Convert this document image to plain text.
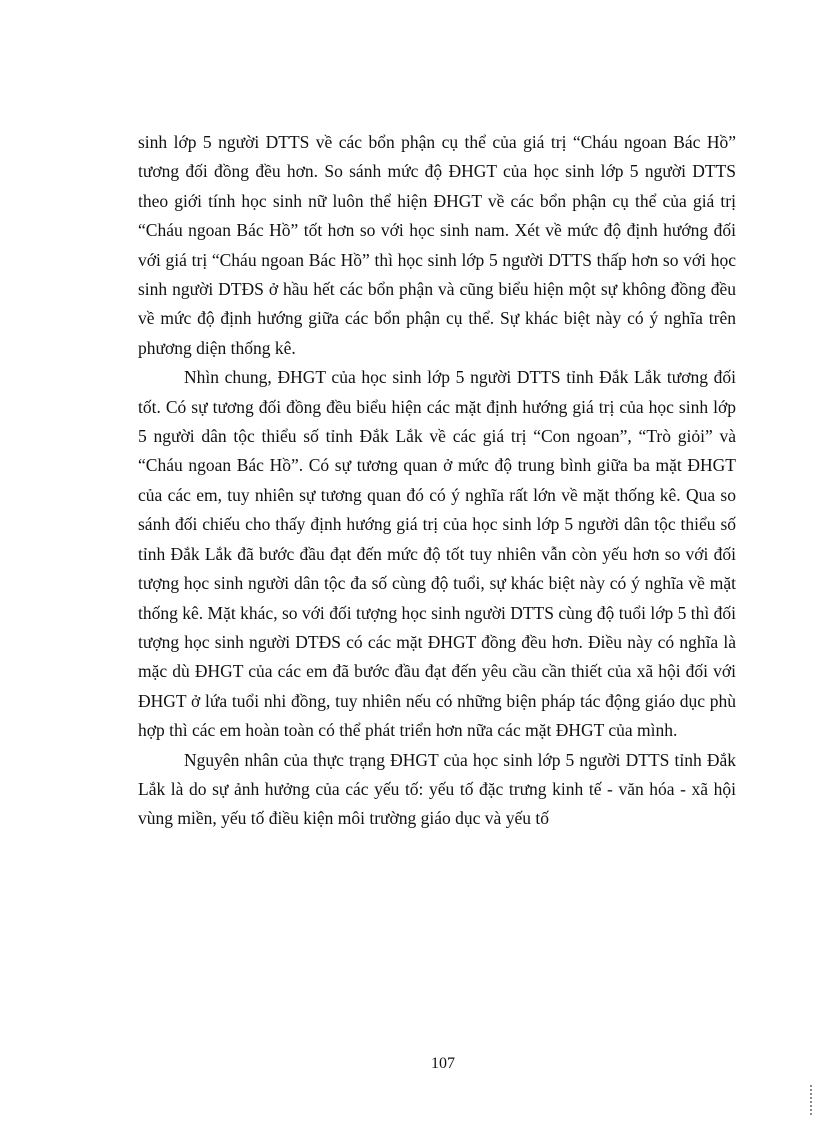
sinh lớp 5 người DTTS về các bổn phận cụ thể của giá trị “Cháu ngoan Bác Hồ” tương đối đồng đều hơn. So sánh mức độ ĐHGT của học sinh lớp 5 người DTTS theo giới tính học sinh nữ luôn thể hiện ĐHGT về các bổn phận cụ thể của giá trị “Cháu ngoan Bác Hồ” tốt hơn so với học sinh nam. Xét về mức độ định hướng đối với giá trị “Cháu ngoan Bác Hồ” thì học sinh lớp 5 người DTTS thấp hơn so với học sinh người DTĐS ở hầu hết các bổn phận và cũng biểu hiện một sự không đồng đều về mức độ định hướng giữa các bổn phận cụ thể. Sự khác biệt này có ý nghĩa trên phương diện thống kê.

Nhìn chung, ĐHGT của học sinh lớp 5 người DTTS tỉnh Đắk Lắk tương đối tốt. Có sự tương đối đồng đều biểu hiện các mặt định hướng giá trị của học sinh lớp 5 người dân tộc thiểu số tỉnh Đắk Lắk về các giá trị “Con ngoan”, “Trò giỏi” và “Cháu ngoan Bác Hồ”. Có sự tương quan ở mức độ trung bình giữa ba mặt ĐHGT của các em, tuy nhiên sự tương quan đó có ý nghĩa rất lớn về mặt thống kê. Qua so sánh đối chiếu cho thấy định hướng giá trị của học sinh lớp 5 người dân tộc thiểu số tỉnh Đắk Lắk đã bước đầu đạt đến mức độ tốt tuy nhiên vẫn còn yếu hơn so với đối tượng học sinh người dân tộc đa số cùng độ tuổi, sự khác biệt này có ý nghĩa về mặt thống kê. Mặt khác, so với đối tượng học sinh người DTTS cùng độ tuổi lớp 5 thì đối tượng học sinh người DTĐS có các mặt ĐHGT đồng đều hơn. Điều này có nghĩa là mặc dù ĐHGT của các em đã bước đầu đạt đến yêu cầu cần thiết của xã hội đối với ĐHGT ở lứa tuổi nhi đồng, tuy nhiên nếu có những biện pháp tác động giáo dục phù hợp thì các em hoàn toàn có thể phát triển hơn nữa các mặt ĐHGT của mình.

Nguyên nhân của thực trạng ĐHGT của học sinh lớp 5 người DTTS tỉnh Đắk Lắk là do sự ảnh hưởng của các yếu tố: yếu tố đặc trưng kinh tế - văn hóa - xã hội vùng miền, yếu tố điều kiện môi trường giáo dục và yếu tố

107
